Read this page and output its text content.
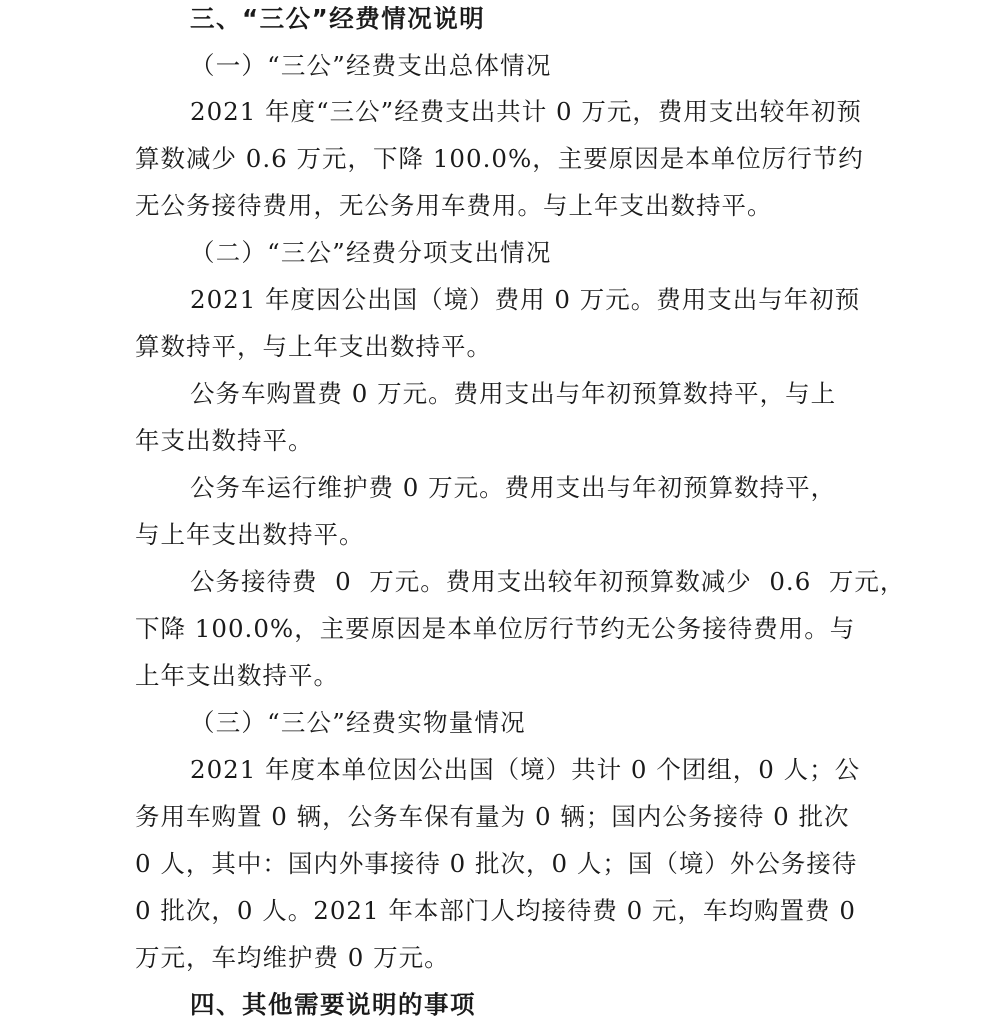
三、“三公”经费情况说明
（一）“三公”经费支出总体情况
2021 年度“三公”经费支出共计 0 万元，费用支出较年初预
算数减少 0.6 万元，下降 100.0%，主要原因是本单位厉行节约
无公务接待费用，无公务用车费用。与上年支出数持平。
（二）“三公”经费分项支出情况
2021 年度因公出国（境）费用 0 万元。费用支出与年初预
算数持平，与上年支出数持平。
公务车购置费 0 万元。费用支出与年初预算数持平，与上
年支出数持平。
公务车运行维护费 0 万元。费用支出与年初预算数持平，
与上年支出数持平。
公务接待费  0  万元。费用支出较年初预算数减少  0.6  万元，
下降 100.0%，主要原因是本单位厉行节约无公务接待费用。与
上年支出数持平。
（三）“三公”经费实物量情况
2021 年度本单位因公出国（境）共计 0 个团组，0 人；公
务用车购置 0 辆，公务车保有量为 0 辆；国内公务接待 0 批次
0 人，其中：国内外事接待 0 批次，0 人；国（境）外公务接待
0 批次，0 人。2021 年本部门人均接待费 0 元，车均购置费 0
万元，车均维护费 0 万元。
四、其他需要说明的事项
